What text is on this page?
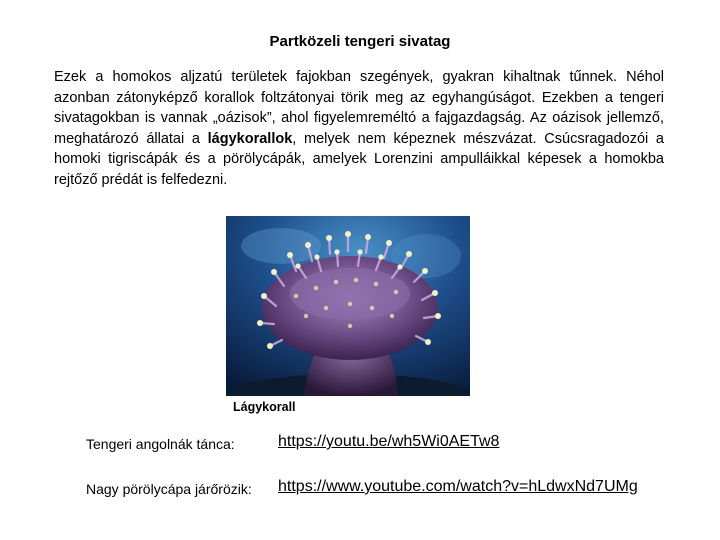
Partközeli tengeri sivatag

Ezek a homokos aljzatú területek fajokban szegények, gyakran kihaltnak tűnnek. Néhol azonban zátonyképző korallok foltzátonyai törik meg az egyhangúságot. Ezekben a tengeri sivatagokban is vannak „oázisok”, ahol figyelemreméltó a fajgazdagság. Az oázisok jellemző, meghatározó állatai a lágykorallok, melyek nem képeznek mészvázat. Csúcsragadozói a homoki tigriscápák és a pörölycápák, amelyek Lorenzini ampulláikkal képesek a homokba rejtőző prédát is felfedezni.

Lágykorall
Tengeri angolnák tánca:	https://youtu.be/wh5Wi0AETw8
Nagy pörölycápa járőrözik: https://www.youtube.com/watch?v=hLdwxNd7UMg
